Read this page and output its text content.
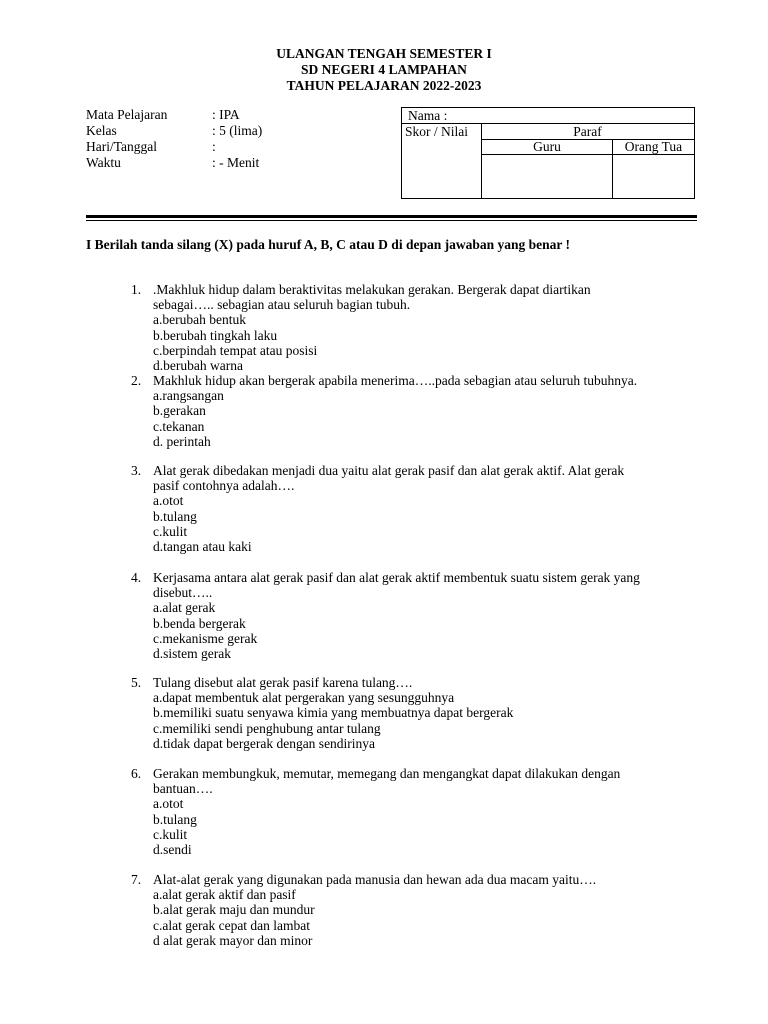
ULANGAN TENGAH SEMESTER I
SD NEGERI 4 LAMPAHAN
TAHUN PELAJARAN 2022-2023
Mata Pelajaran	: IPA
Kelas	: 5 (lima)
Hari/Tanggal	:
Waktu	: - Menit
Nama :
Skor / Nilai	Paraf
Guru	Orang Tua
I Berilah tanda silang (X) pada huruf A, B, C atau D di depan jawaban yang benar !
1. .Makhluk hidup dalam beraktivitas melakukan gerakan. Bergerak dapat diartikan
sebagai….. sebagian atau seluruh bagian tubuh.
a.berubah bentuk
b.berubah tingkah laku
c.berpindah tempat atau posisi
d.berubah warna
2. Makhluk hidup akan bergerak apabila menerima…..pada sebagian atau seluruh tubuhnya.
a.rangsangan
b.gerakan
c.tekanan
d. perintah
3. Alat gerak dibedakan menjadi dua yaitu alat gerak pasif dan alat gerak aktif. Alat gerak
pasif contohnya adalah….
a.otot
b.tulang
c.kulit
d.tangan atau kaki
4. Kerjasama antara alat gerak pasif dan alat gerak aktif membentuk suatu sistem gerak yang
disebut…..
a.alat gerak
b.benda bergerak
c.mekanisme gerak
d.sistem gerak
5. Tulang disebut alat gerak pasif karena tulang….
a.dapat membentuk alat pergerakan yang sesungguhnya
b.memiliki suatu senyawa kimia yang membuatnya dapat bergerak
c.memiliki sendi penghubung antar tulang
d.tidak dapat bergerak dengan sendirinya
6. Gerakan membungkuk, memutar, memegang dan mengangkat dapat dilakukan dengan
bantuan….
a.otot
b.tulang
c.kulit
d.sendi
7. Alat-alat gerak yang digunakan pada manusia dan hewan ada dua macam yaitu….
a.alat gerak aktif dan pasif
b.alat gerak maju dan mundur
c.alat gerak cepat dan lambat
d alat gerak mayor dan minor
